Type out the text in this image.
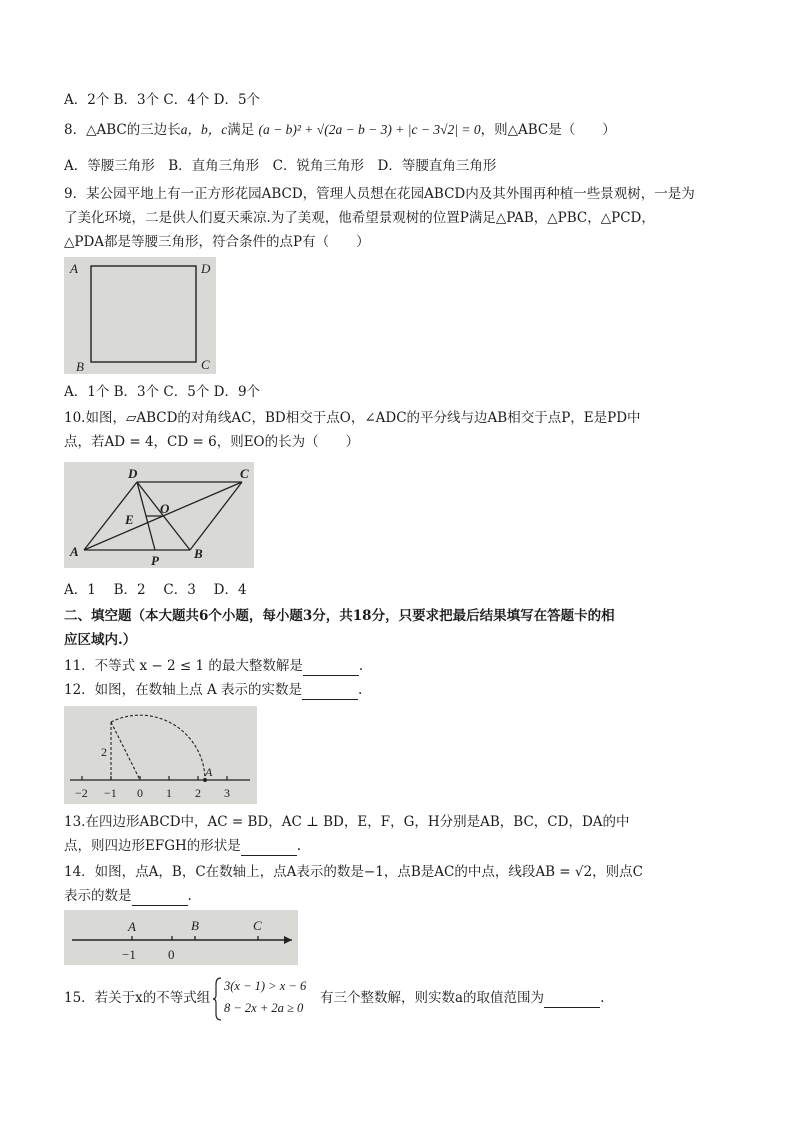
A．2个 B．3个 C．4个 D．5个
8．△ABC的三边长a，b，c满足 (a − b)² + √(2a − b − 3) + |c − 3√2| = 0，则△ABC是（　　）
A．等腰三角形　B．直角三角形　C．锐角三角形　D．等腰直角三角形
9．某公园平地上有一正方形花园ABCD，管理人员想在花园ABCD内及其外围再种植一些景观树，一是为
了美化环境，二是供人们夏天乘凉.为了美观，他希望景观树的位置P满足△PAB，△PBC，△PCD，
△PDA都是等腰三角形，符合条件的点P有（　　）
A	D
B	C
A．1个 B．3个 C．5个 D．9个
10.如图，▱ABCD的对角线AC，BD相交于点O，∠ADC的平分线与边AB相交于点P，E是PD中
点，若AD = 4，CD = 6，则EO的长为（　　）
D	C
O
E
A	B
P
A．1　 B．2　 C．3　 D．4
二、填空题（本大题共6个小题，每小题3分，共18分，只要求把最后结果填写在答题卡的相
应区域内.）
11．不等式 x − 2 ≤ 1 的最大整数解是	.
12．如图，在数轴上点 A 表示的实数是	.
2
A
−2 −1 0 1 2 3
13.在四边形ABCD中，AC = BD，AC ⊥ BD，E，F，G，H分别是AB，BC，CD，DA的中
点，则四边形EFGH的形状是	.
14．如图，点A，B，C在数轴上，点A表示的数是−1，点B是AC的中点，线段AB = √2，则点C
表示的数是	.
A	B	C
−1 0
15．若关于x的不等式组
3(x − 1) > x − 6
8 − 2x + 2a ≥ 0
有三个整数解，则实数a的取值范围为	.
